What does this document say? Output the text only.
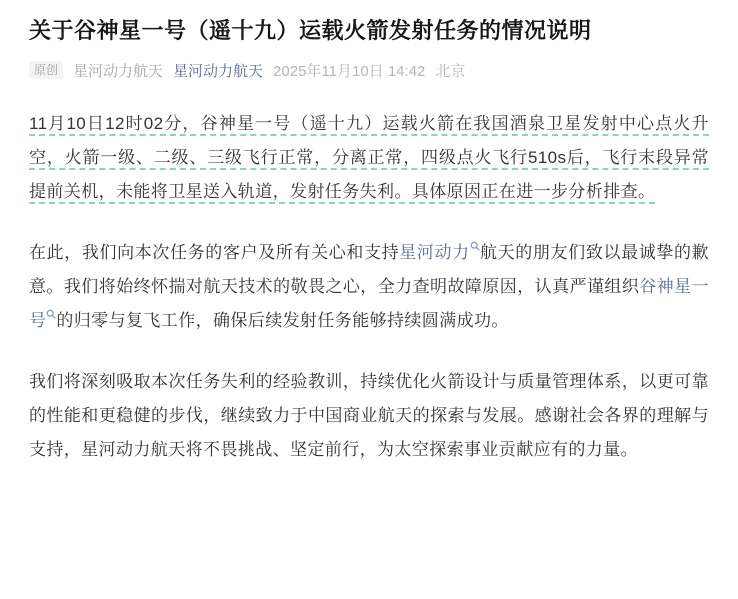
关于谷神星一号（遥十九）运载火箭发射任务的情况说明
原创	星河动力航天 星河动力航天 2025年11月10日 14:42 北京

11月10日12时02分，谷神星一号（遥十九）运载火箭在我国酒泉卫星发射中心点火升空，火箭一级、二级、三级飞行正常，分离正常，四级点火飞行510s后，飞行末段异常提前关机，未能将卫星送入轨道，发射任务失利。具体原因正在进一步分析排查。

在此，我们向本次任务的客户及所有关心和支持星河动力 航天的朋友们致以最诚挚的歉意。我们将始终怀揣对航天技术的敬畏之心，全力查明故障原因，认真严谨组织谷神星一号 的归零与复飞工作，确保后续发射任务能够持续圆满成功。

我们将深刻吸取本次任务失利的经验教训，持续优化火箭设计与质量管理体系，以更可靠的性能和更稳健的步伐，继续致力于中国商业航天的探索与发展。感谢社会各界的理解与支持，星河动力航天将不畏挑战、坚定前行，为太空探索事业贡献应有的力量。
